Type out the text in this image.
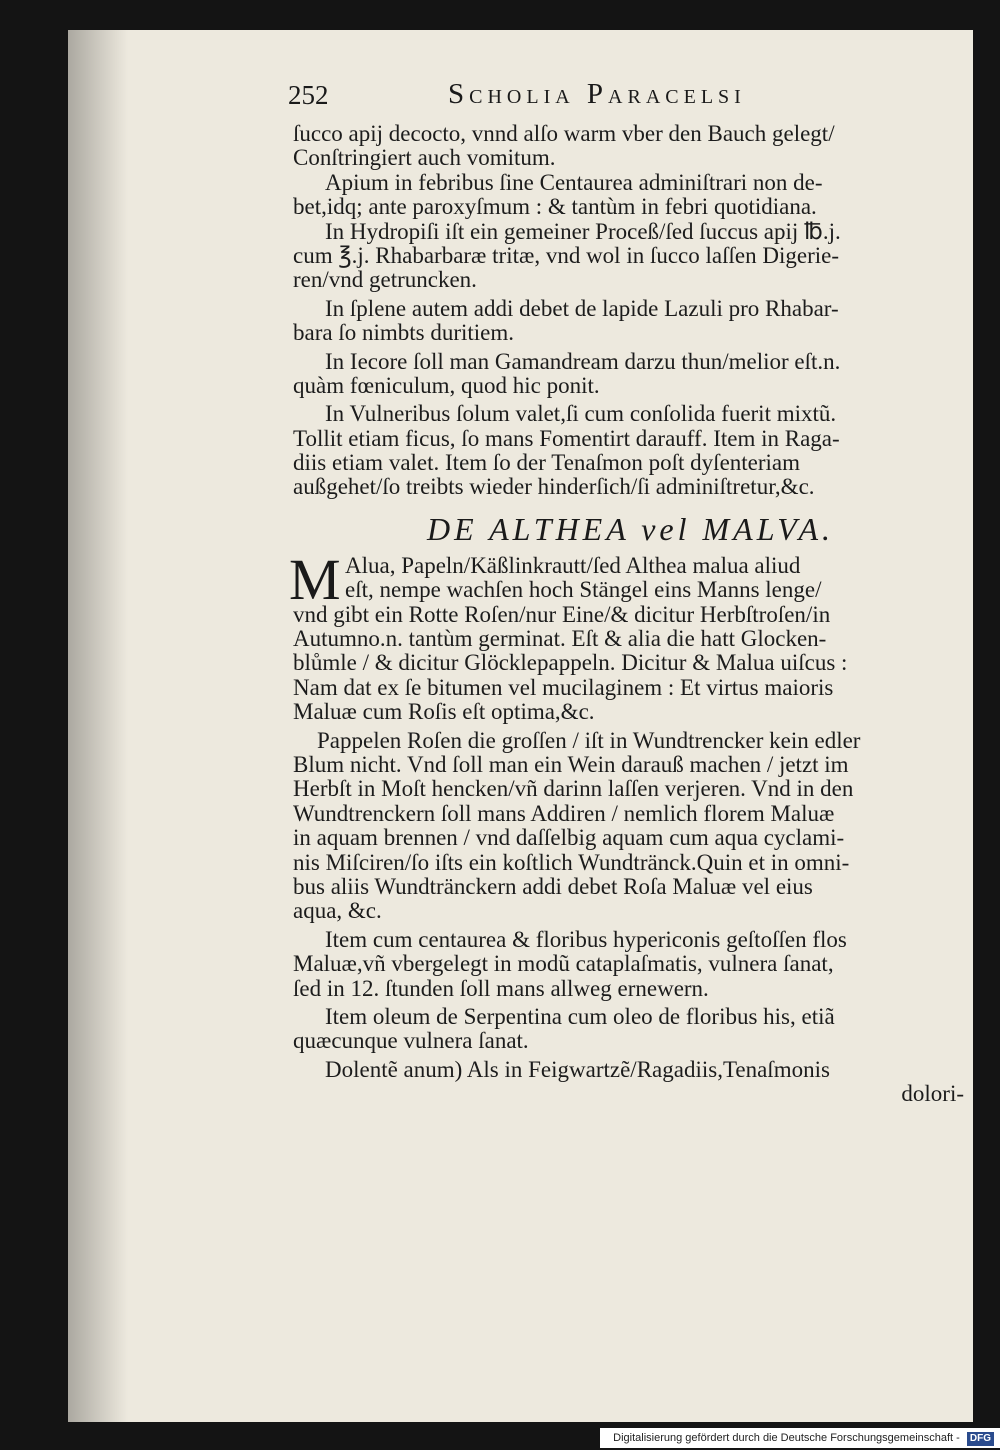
252	Scholia Paracelsi
ſucco apij decocto, vnnd alſo warm vber den Bauch gelegt/
Conſtringiert auch vomitum.
Apium in febribus ſine Centaurea adminiſtrari non de-
bet,idq; ante paroxyſmum : & tantùm in febri quotidiana.
In Hydropiſi iſt ein gemeiner Proceß/ſed ſuccus apij ℔.j.
cum ℥.j. Rhabarbaræ tritæ, vnd wol in ſucco laſſen Digerie-
ren/vnd getruncken.
In ſplene autem addi debet de lapide Lazuli pro Rhabar-
bara ſo nimbts duritiem.
In Iecore ſoll man Gamandream darzu thun/melior eſt.n.
quàm fœniculum, quod hic ponit.
In Vulneribus ſolum valet,ſi cum conſolida fuerit mixtũ.
Tollit etiam ficus, ſo mans Fomentirt darauff. Item in Raga-
diis etiam valet. Item ſo der Tenaſmon poſt dyſenteriam
außgehet/ſo treibts wieder hinderſich/ſi adminiſtretur,&c.
DE ALTHEA vel MALVA.
M Alua, Papeln/Käßlinkrautt/ſed Althea malua aliud
eſt, nempe wachſen hoch Stängel eins Manns lenge/
vnd gibt ein Rotte Roſen/nur Eine/& dicitur Herbſtroſen/in
Autumno.n. tantùm germinat. Eſt & alia die hatt Glocken-
blůmle / & dicitur Glöcklepappeln. Dicitur & Malua uiſcus :
Nam dat ex ſe bitumen vel mucilaginem : Et virtus maioris
Maluæ cum Roſis eſt optima,&c.
Pappelen Roſen die groſſen / iſt in Wundtrencker kein edler
Blum nicht. Vnd ſoll man ein Wein darauß machen / jetzt im
Herbſt in Moſt hencken/vñ darinn laſſen verjeren. Vnd in den
Wundtrenckern ſoll mans Addiren / nemlich florem Maluæ
in aquam brennen / vnd daſſelbig aquam cum aqua cyclami-
nis Miſciren/ſo iſts ein koſtlich Wundtränck.Quin et in omni-
bus aliis Wundtränckern addi debet Roſa Maluæ vel eius
aqua, &c.
Item cum centaurea & floribus hypericonis geſtoſſen flos
Maluæ,vñ vbergelegt in modũ cataplaſmatis, vulnera ſanat,
ſed in 12. ſtunden ſoll mans allweg ernewern.
Item oleum de Serpentina cum oleo de floribus his, etiã
quæcunque vulnera ſanat.
Dolentẽ anum) Als in Feigwartzẽ/Ragadiis,Tenaſmonis
dolori-
Digitalisierung gefördert durch die Deutsche Forschungsgemeinschaft - DFG
